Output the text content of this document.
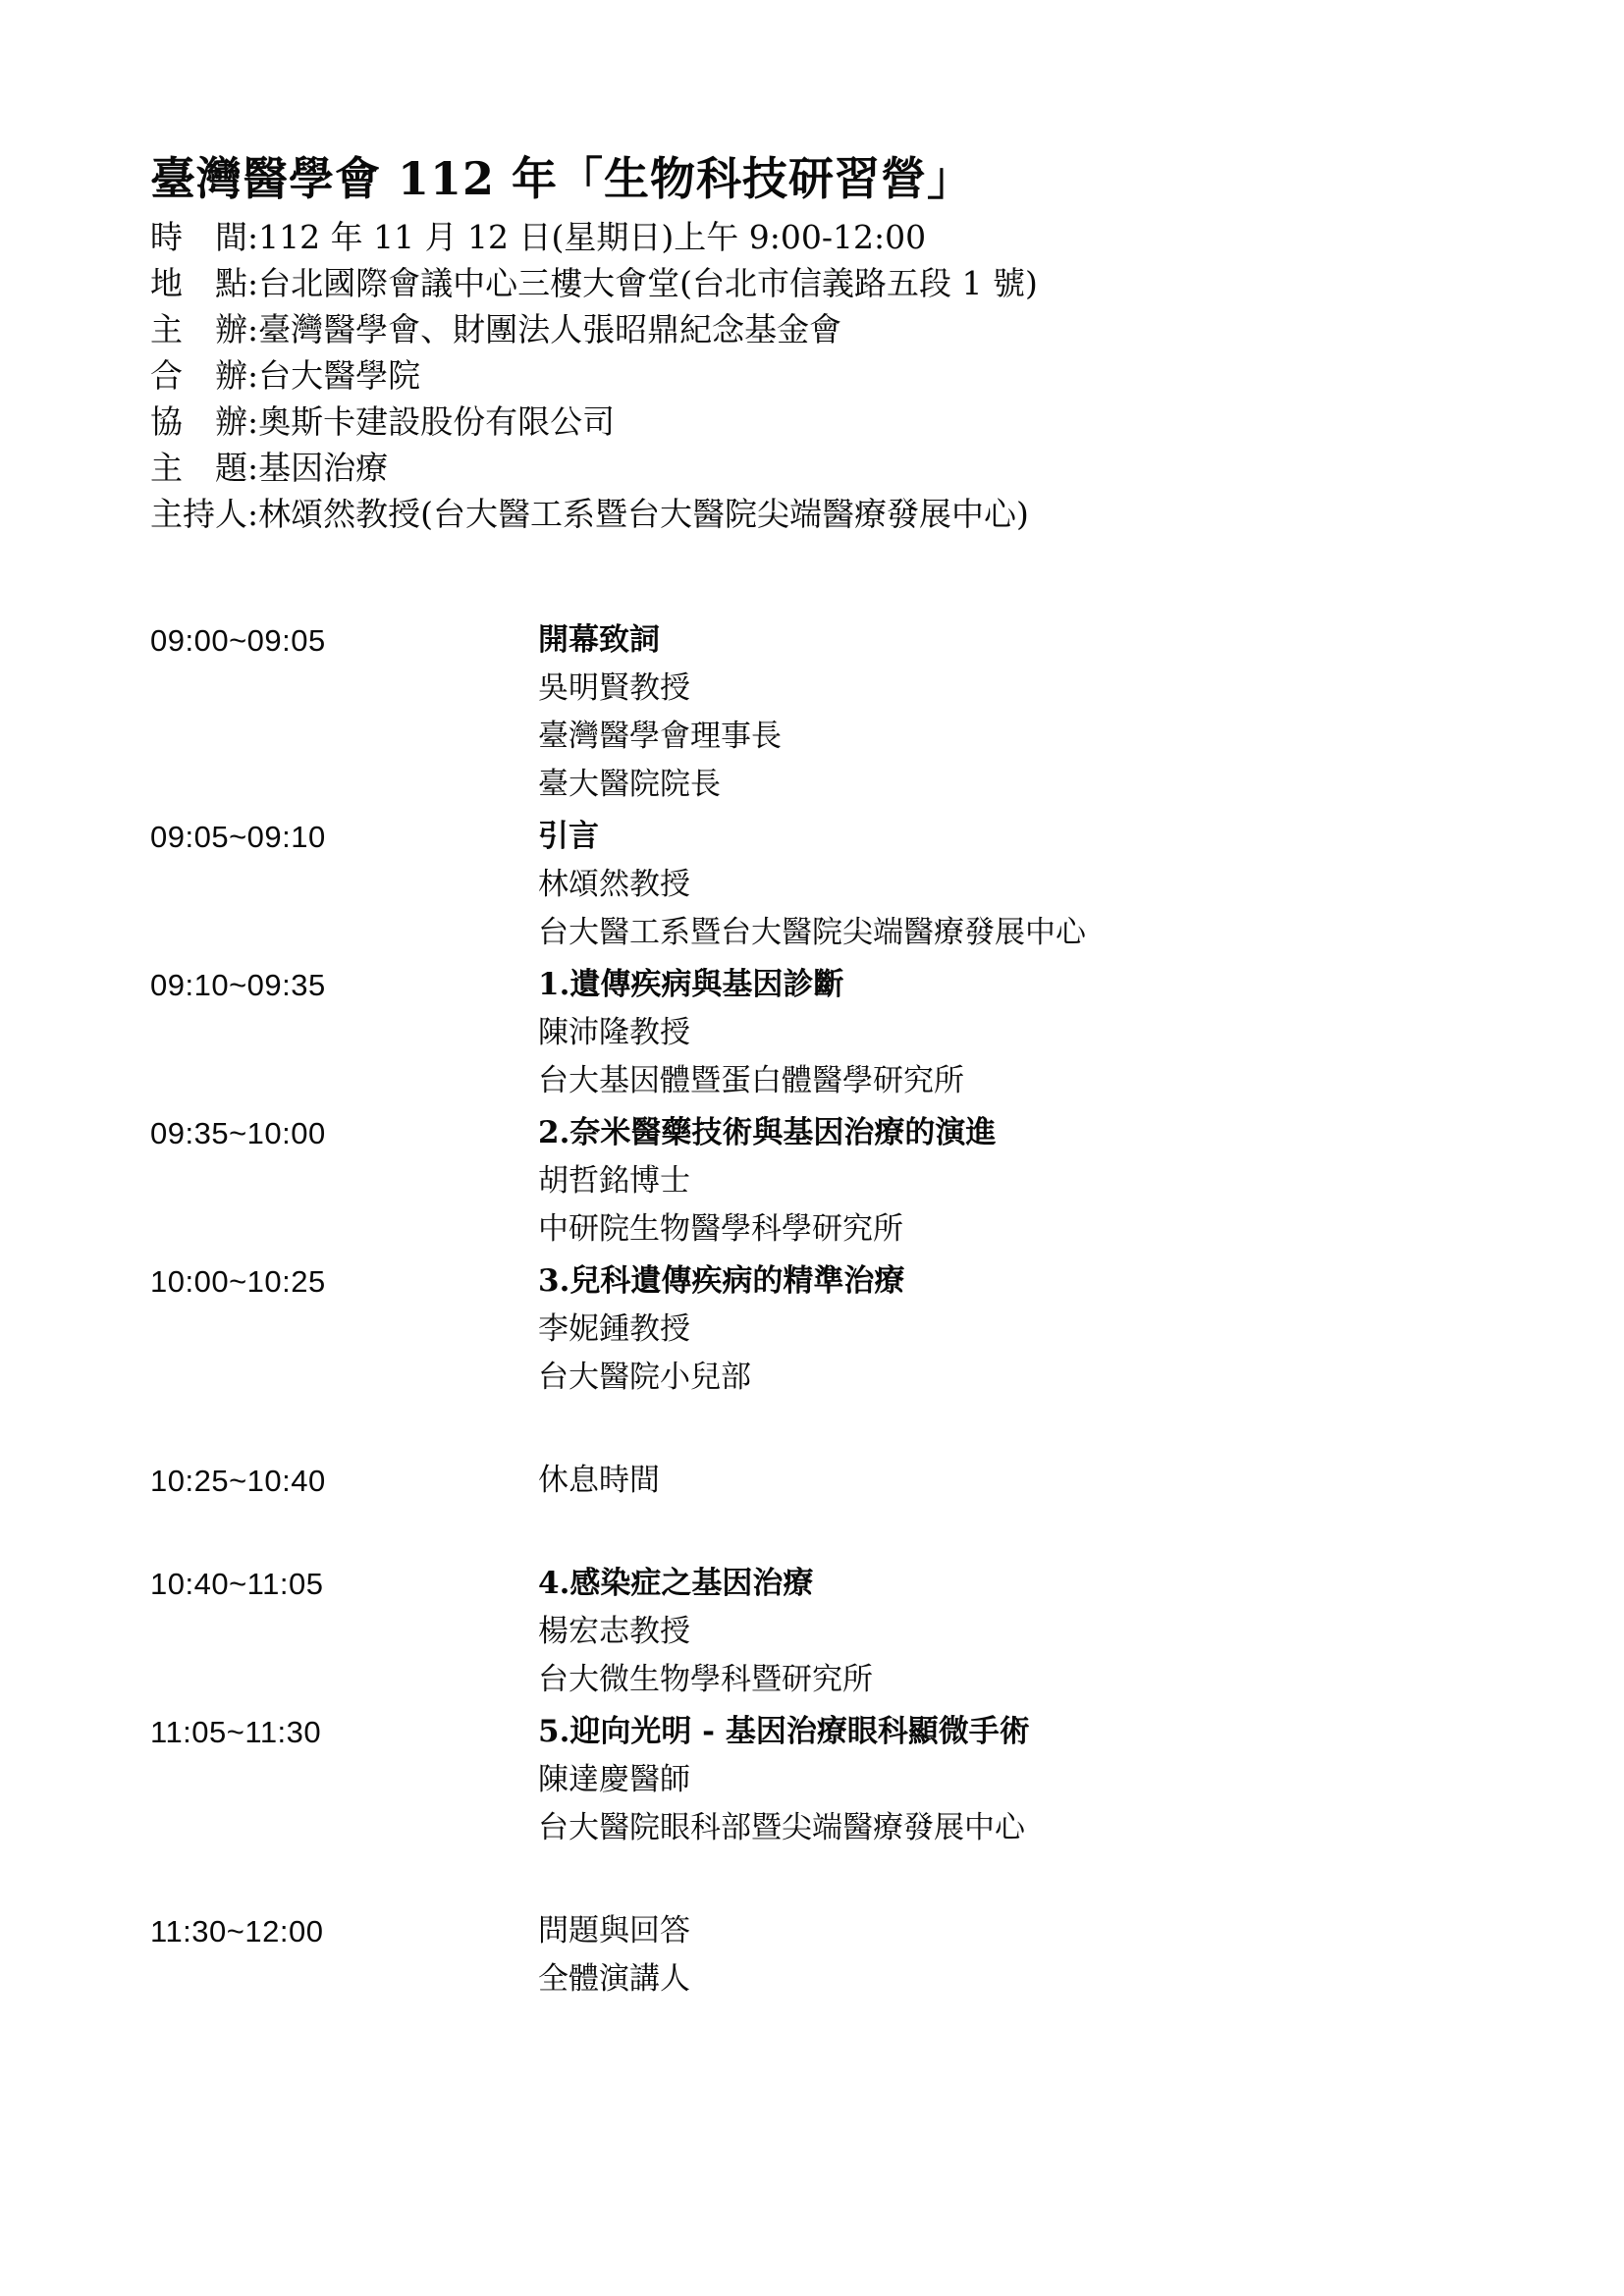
臺灣醫學會 112 年「生物科技研習營」
時　間:112 年 11 月 12 日(星期日)上午 9:00-12:00
地　點:台北國際會議中心三樓大會堂(台北市信義路五段 1 號)
主　辦:臺灣醫學會、財團法人張昭鼎紀念基金會
合　辦:台大醫學院
協　辦:奧斯卡建設股份有限公司
主　題:基因治療
主持人:林頌然教授(台大醫工系暨台大醫院尖端醫療發展中心)
09:00~09:05	開幕致詞
吳明賢教授
臺灣醫學會理事長
臺大醫院院長
09:05~09:10	引言
林頌然教授
台大醫工系暨台大醫院尖端醫療發展中心
09:10~09:35	1.遺傳疾病與基因診斷
陳沛隆教授
台大基因體暨蛋白體醫學研究所
09:35~10:00	2.奈米醫藥技術與基因治療的演進
胡哲銘博士
中研院生物醫學科學研究所
10:00~10:25	3.兒科遺傳疾病的精準治療
李妮鍾教授
台大醫院小兒部
10:25~10:40	休息時間
10:40~11:05	4.感染症之基因治療
楊宏志教授
台大微生物學科暨研究所
11:05~11:30	5.迎向光明 - 基因治療眼科顯微手術
陳達慶醫師
台大醫院眼科部暨尖端醫療發展中心
11:30~12:00	問題與回答
全體演講人
